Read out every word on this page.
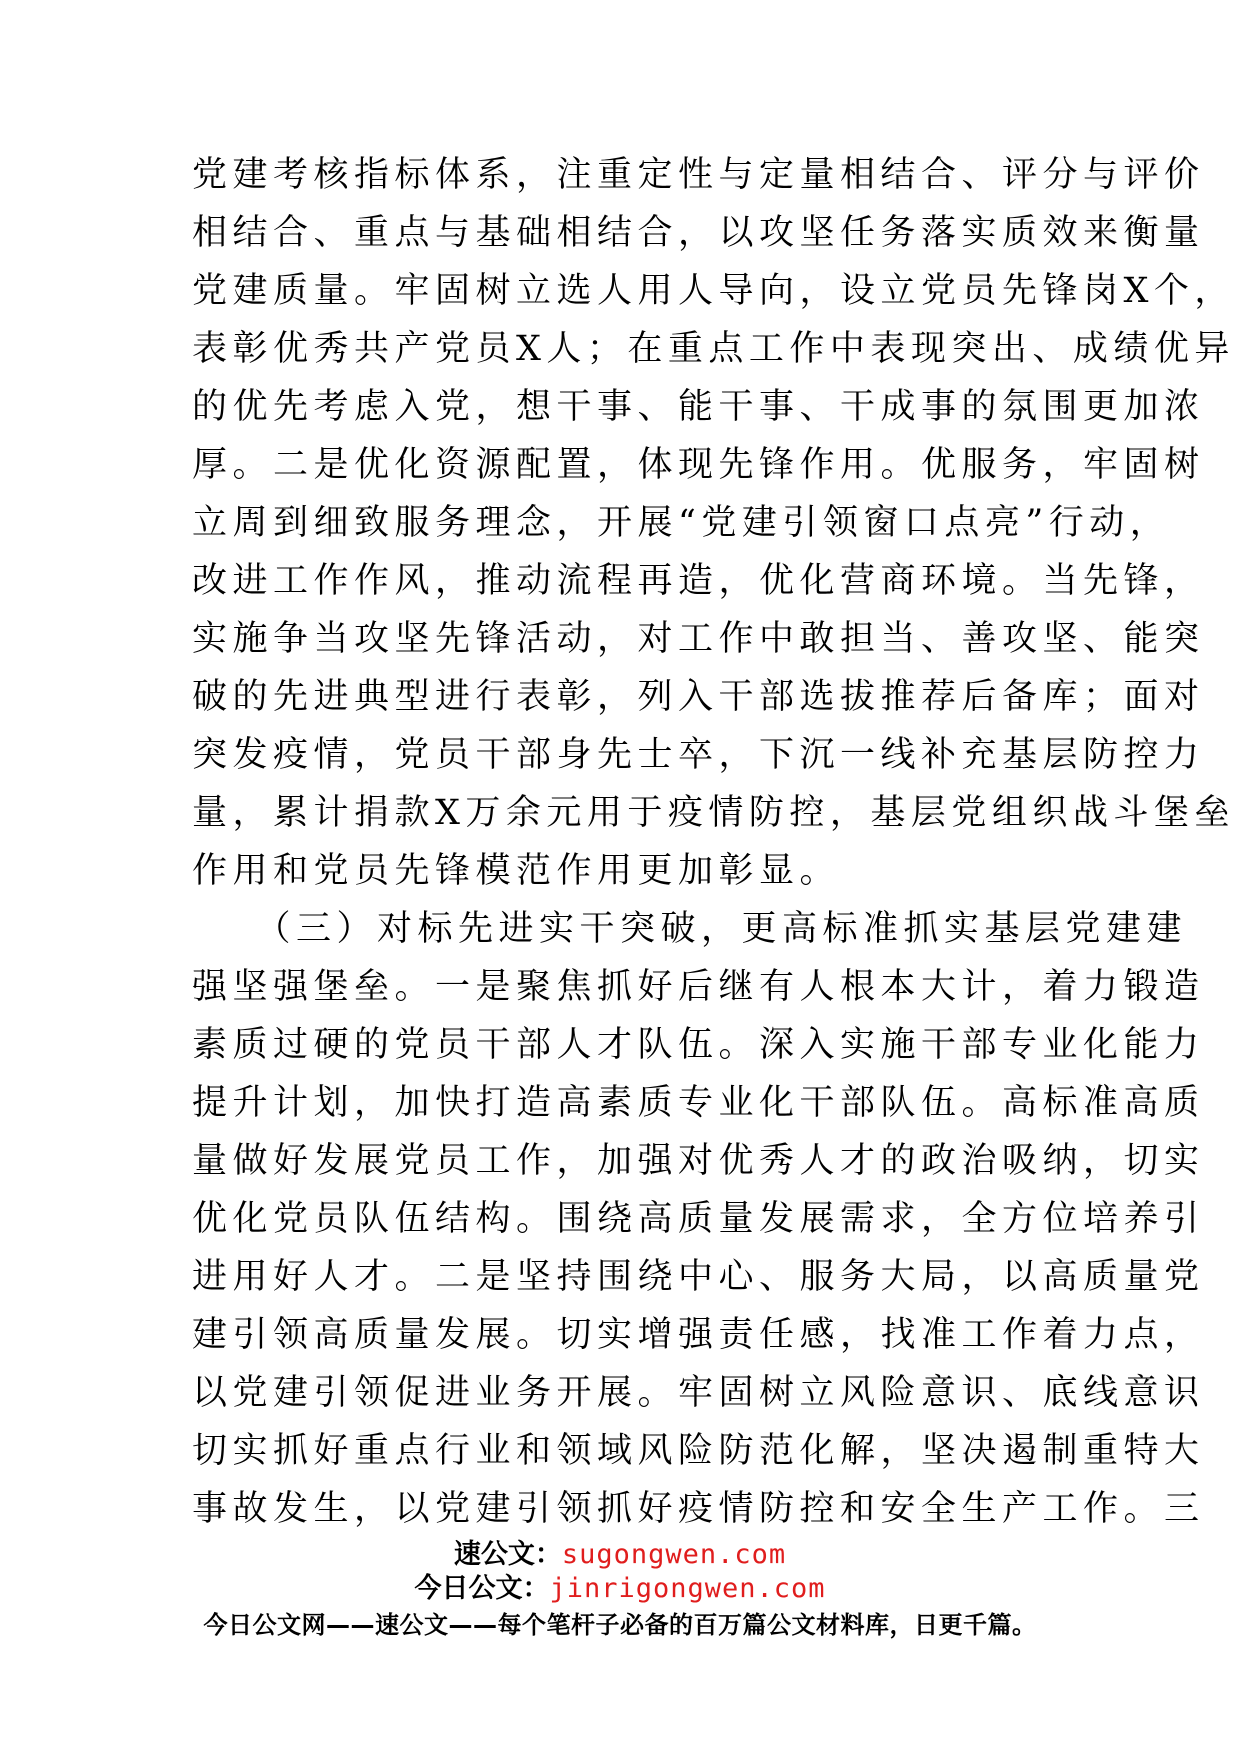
党建考核指标体系，注重定性与定量相结合、评分与评价
相结合、重点与基础相结合，以攻坚任务落实质效来衡量
党建质量。牢固树立选人用人导向，设立党员先锋岗X个，
表彰优秀共产党员X人；在重点工作中表现突出、成绩优异
的优先考虑入党，想干事、能干事、干成事的氛围更加浓
厚。二是优化资源配置，体现先锋作用。优服务，牢固树
立周到细致服务理念，开展“党建引领窗口点亮”行动，
改进工作作风，推动流程再造，优化营商环境。当先锋，
实施争当攻坚先锋活动，对工作中敢担当、善攻坚、能突
破的先进典型进行表彰，列入干部选拔推荐后备库；面对
突发疫情，党员干部身先士卒，下沉一线补充基层防控力
量，累计捐款X万余元用于疫情防控，基层党组织战斗堡垒
作用和党员先锋模范作用更加彰显。
　　（三）对标先进实干突破，更高标准抓实基层党建建
强坚强堡垒。一是聚焦抓好后继有人根本大计，着力锻造
素质过硬的党员干部人才队伍。深入实施干部专业化能力
提升计划，加快打造高素质专业化干部队伍。高标准高质
量做好发展党员工作，加强对优秀人才的政治吸纳，切实
优化党员队伍结构。围绕高质量发展需求，全方位培养引
进用好人才。二是坚持围绕中心、服务大局，以高质量党
建引领高质量发展。切实增强责任感，找准工作着力点，
以党建引领促进业务开展。牢固树立风险意识、底线意识
切实抓好重点行业和领域风险防范化解，坚决遏制重特大
事故发生，以党建引领抓好疫情防控和安全生产工作。三
速公文：sugongwen.com
今日公文：jinrigongwen.com
今日公文网——速公文——每个笔杆子必备的百万篇公文材料库，日更千篇。
